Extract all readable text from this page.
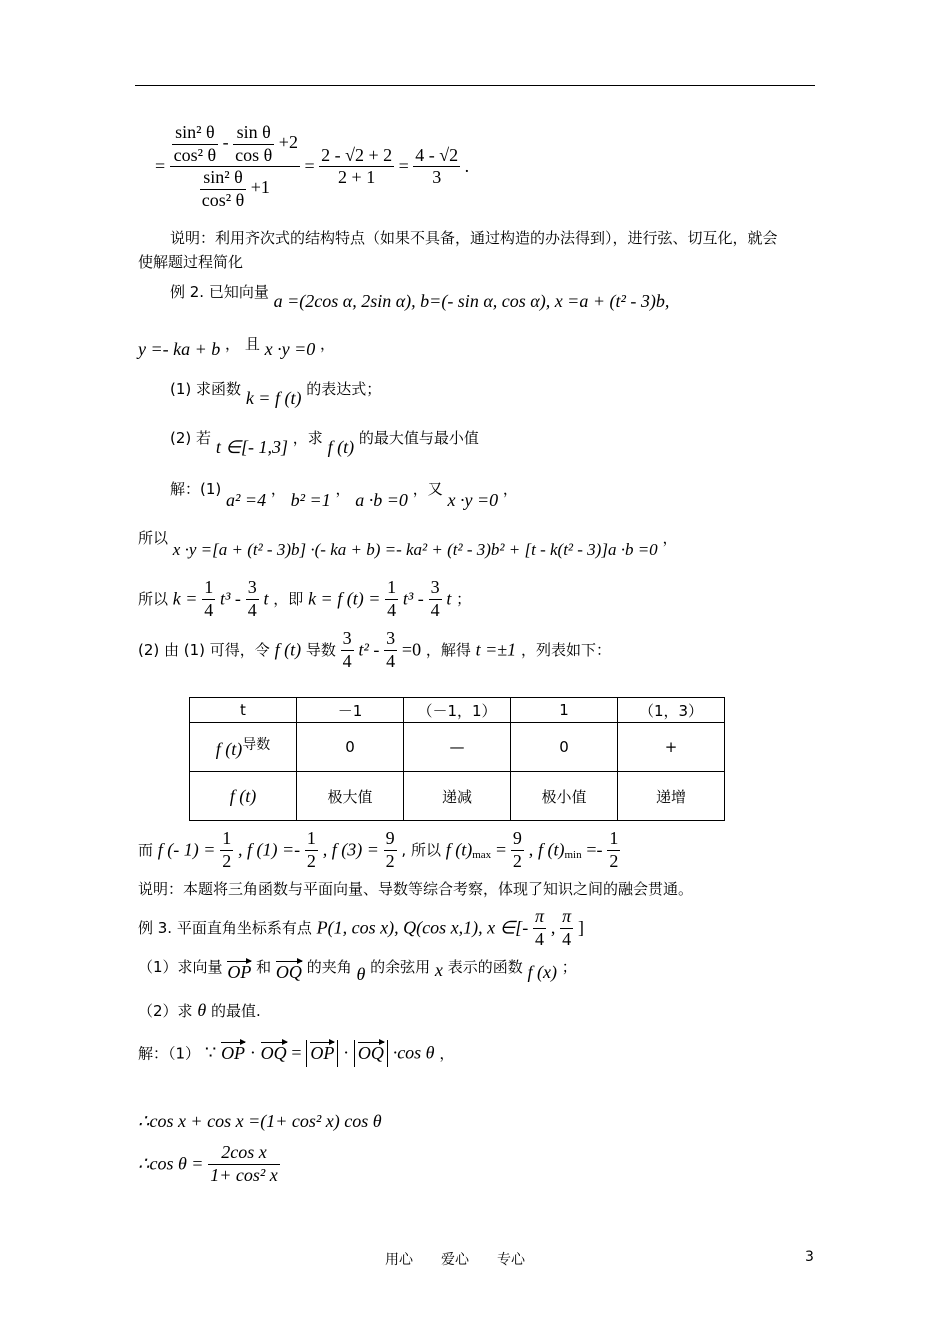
= $\frac{\frac{\text{sin² θ}}{\text{cos² θ}} - \frac{\text{sin θ}}{\text{cos θ}} +2}{\frac{\text{sin² θ}}{\text{cos² θ}} +1} = \frac{2 - √2 + 2}{2 + 1} = \frac{4 - √2}{3}$ .
说明：利用齐次式的结构特点（如果不具备，通过构造的办法得到），进行弦、切互化，就会
使解题过程简化
例 2. 已知向量 a =(2cos α, 2sin α), b=(- sin α, cos α), x =a + (t² - 3)b,
y =- ka + b ， 且 x ·y =0 ，
(1) 求函数 k = f (t) 的表达式；
(2) 若 t ∈[- 1,3] ，求 f (t) 的最大值与最小值
解：(1) a² =4 ， b² =1 ， a ·b =0 ，又 x ·y =0 ，
所以 x ·y =[a + (t² - 3)b] ·(- ka + b) =- ka² + (t² - 3)b² + [t - k(t² - 3)]a ·b =0 ，
所以 $k = \frac{1}{4} t^3 - \frac{3}{4}$ t ，即 k = f $(t) = \frac{1}{4} t^3 - \frac{3}{4}$ t ；
(2) 由 (1) 可得，令 f (t) 导数 $\frac{3}{4} t^2 - \frac{3}{4} =0$ ，解得 t =±1 ，列表如下：
t	－1	（－1，1）	1	（1，3）
f $(t)^{导数}$	0	—	0	+
f (t)	极大值	递减	极小值	递增
而 f (- $1) = \frac{1}{2}$ , f $(1) =- \frac{1}{2}$ , f $(3) = \frac{9}{2}$ , 所以 f $(t)_{max} = \frac{9}{2}$ , f $(t)_{min} =- \frac{1}{2}$
说明：本题将三角函数与平面向量、导数等综合考察，体现了知识之间的融会贯通。
例 3. 平面直角坐标系有点 P(1, cos x), Q(cos x,1), x ∈[- $\frac{\pi}{4}$ , $\frac{\pi}{4}$ ]
（1）求向量 OP 和 OQ 的夹角 θ 的余弦用 x 表示的函数 f (x) ；
（2）求 θ 的最值.
解：（1） ∵ OP · OQ = OP · OQ ·cos θ ，
∴cos x + cos x =(1+ cos² x) cos θ
∴cos $\theta = \frac{\text{2cos x}}{\text{1+ cos² x}}$
用心　　爱心　　专心	3
